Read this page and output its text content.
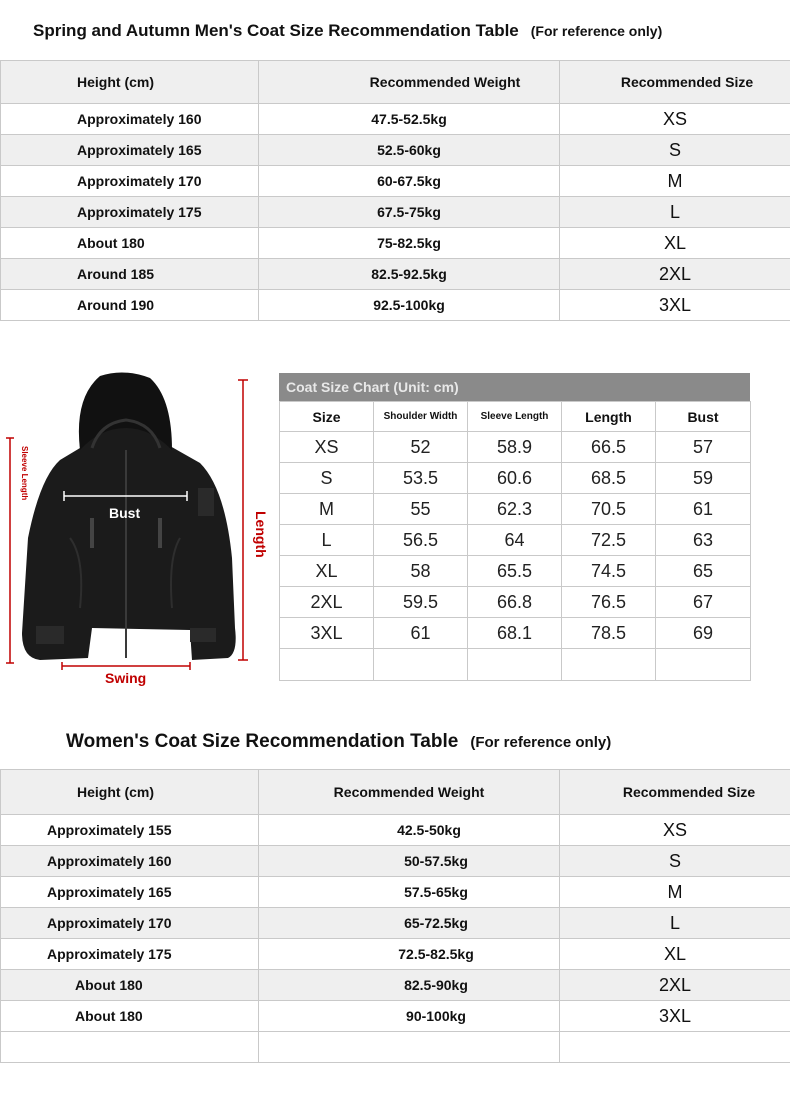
Spring and Autumn Men's Coat Size Recommendation Table (For reference only)
Height (cm)	Recommended Weight	Recommended Size
Approximately 160	47.5-52.5kg	XS
Approximately 165	52.5-60kg	S
Approximately 170	60-67.5kg	M
Approximately 175	67.5-75kg	L
About 180	75-82.5kg	XL
Around 185	82.5-92.5kg	2XL
Around 190	92.5-100kg	3XL
Sleeve Length
Bust	Length
Swing
Coat Size Chart (Unit: cm)
Size	Shoulder Width	Sleeve Length	Length	Bust
XS	52	58.9	66.5	57
S	53.5	60.6	68.5	59
M	55	62.3	70.5	61
L	56.5	64	72.5	63
XL	58	65.5	74.5	65
2XL	59.5	66.8	76.5	67
3XL	61	68.1	78.5	69

Women's Coat Size Recommendation Table (For reference only)
Height (cm)	Recommended Weight	Recommended Size
Approximately 155	42.5-50kg	XS
Approximately 160	50-57.5kg	S
Approximately 165	57.5-65kg	M
Approximately 170	65-72.5kg	L
Approximately 175	72.5-82.5kg	XL
About 180	82.5-90kg	2XL
About 180	90-100kg	3XL
